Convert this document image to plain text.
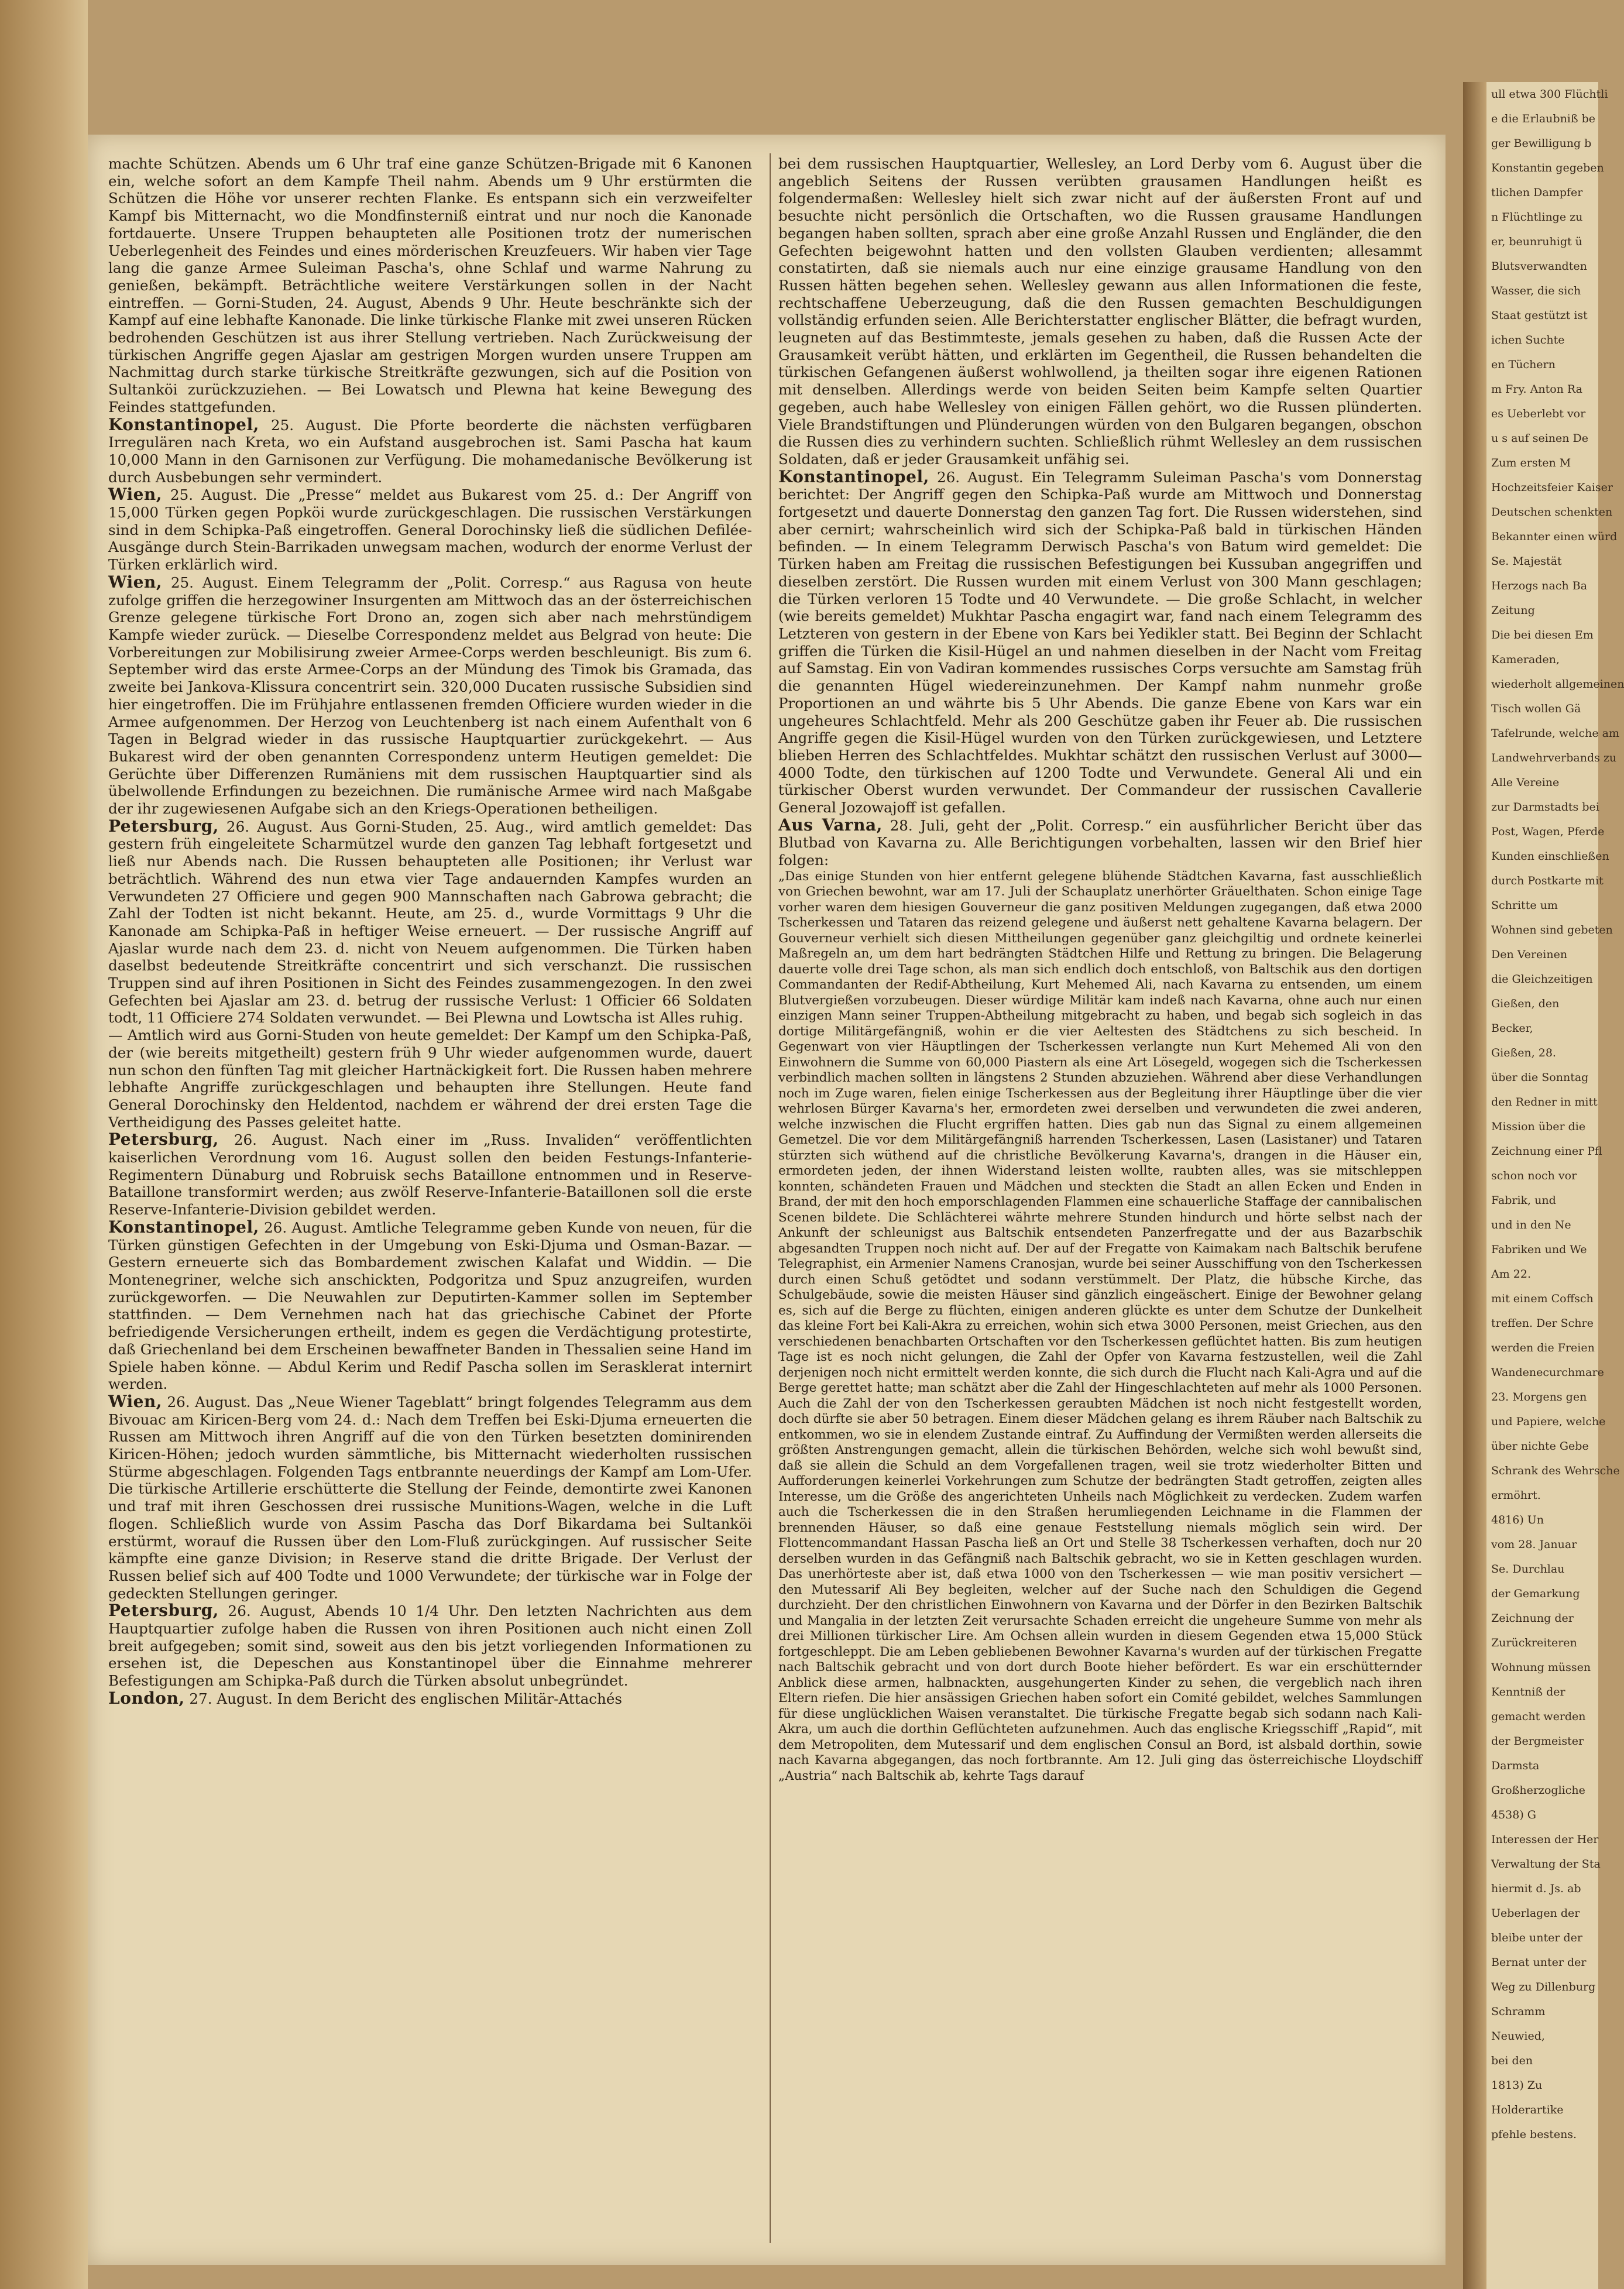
machte Schützen. Abends um 6 Uhr traf eine ganze Schützen-Brigade mit 6 Kanonen ein, welche sofort an dem Kampfe Theil nahm. Abends um 9 Uhr erstürmten die Schützen die Höhe vor unserer rechten Flanke. Es entspann sich ein verzweifelter Kampf bis Mitternacht, wo die Mondfinsterniß eintrat und nur noch die Kanonade fortdauerte. Unsere Truppen behaupteten alle Positionen trotz der numerischen Ueberlegenheit des Feindes und eines mörderischen Kreuzfeuers. Wir haben vier Tage lang die ganze Armee Suleiman Pascha's, ohne Schlaf und warme Nahrung zu genießen, bekämpft. Beträchtliche weitere Verstärkungen sollen in der Nacht eintreffen. — Gorni-Studen, 24. August, Abends 9 Uhr. Heute beschränkte sich der Kampf auf eine lebhafte Kanonade. Die linke türkische Flanke mit zwei unseren Rücken bedrohenden Geschützen ist aus ihrer Stellung vertrieben. Nach Zurückweisung der türkischen Angriffe gegen Ajaslar am gestrigen Morgen wurden unsere Truppen am Nachmittag durch starke türkische Streitkräfte gezwungen, sich auf die Position von Sultanköi zurückzuziehen. — Bei Lowatsch und Plewna hat keine Bewegung des Feindes stattgefunden.

Konstantinopel, 25. August. Die Pforte beorderte die nächsten verfügbaren Irregulären nach Kreta, wo ein Aufstand ausgebrochen ist. Sami Pascha hat kaum 10,000 Mann in den Garnisonen zur Verfügung. Die mohamedanische Bevölkerung ist durch Ausbebungen sehr vermindert.

Wien, 25. August. Die „Presse“ meldet aus Bukarest vom 25. d.: Der Angriff von 15,000 Türken gegen Popköi wurde zurückgeschlagen. Die russischen Verstärkungen sind in dem Schipka-Paß eingetroffen. General Dorochinsky ließ die südlichen Defilée-Ausgänge durch Stein-Barrikaden unwegsam machen, wodurch der enorme Verlust der Türken erklärlich wird.

Wien, 25. August. Einem Telegramm der „Polit. Corresp.“ aus Ragusa von heute zufolge griffen die herzegowiner Insurgenten am Mittwoch das an der österreichischen Grenze gelegene türkische Fort Drono an, zogen sich aber nach mehrstündigem Kampfe wieder zurück. — Dieselbe Correspondenz meldet aus Belgrad von heute: Die Vorbereitungen zur Mobilisirung zweier Armee-Corps werden beschleunigt. Bis zum 6. September wird das erste Armee-Corps an der Mündung des Timok bis Gramada, das zweite bei Jankova-Klissura concentrirt sein. 320,000 Ducaten russische Subsidien sind hier eingetroffen. Die im Frühjahre entlassenen fremden Officiere wurden wieder in die Armee aufgenommen. Der Herzog von Leuchtenberg ist nach einem Aufenthalt von 6 Tagen in Belgrad wieder in das russische Hauptquartier zurückgekehrt. — Aus Bukarest wird der oben genannten Correspondenz unterm Heutigen gemeldet: Die Gerüchte über Differenzen Rumäniens mit dem russischen Hauptquartier sind als übelwollende Erfindungen zu bezeichnen. Die rumänische Armee wird nach Maßgabe der ihr zugewiesenen Aufgabe sich an den Kriegs-Operationen betheiligen.

Petersburg, 26. August. Aus Gorni-Studen, 25. Aug., wird amtlich gemeldet: Das gestern früh eingeleitete Scharmützel wurde den ganzen Tag lebhaft fortgesetzt und ließ nur Abends nach. Die Russen behaupteten alle Positionen; ihr Verlust war beträchtlich. Während des nun etwa vier Tage andauernden Kampfes wurden an Verwundeten 27 Officiere und gegen 900 Mannschaften nach Gabrowa gebracht; die Zahl der Todten ist nicht bekannt. Heute, am 25. d., wurde Vormittags 9 Uhr die Kanonade am Schipka-Paß in heftiger Weise erneuert. — Der russische Angriff auf Ajaslar wurde nach dem 23. d. nicht von Neuem aufgenommen. Die Türken haben daselbst bedeutende Streitkräfte concentrirt und sich verschanzt. Die russischen Truppen sind auf ihren Positionen in Sicht des Feindes zusammengezogen. In den zwei Gefechten bei Ajaslar am 23. d. betrug der russische Verlust: 1 Officier 66 Soldaten todt, 11 Officiere 274 Soldaten verwundet. — Bei Plewna und Lowtscha ist Alles ruhig.

— Amtlich wird aus Gorni-Studen von heute gemeldet: Der Kampf um den Schipka-Paß, der (wie bereits mitgetheilt) gestern früh 9 Uhr wieder aufgenommen wurde, dauert nun schon den fünften Tag mit gleicher Hartnäckigkeit fort. Die Russen haben mehrere lebhafte Angriffe zurückgeschlagen und behaupten ihre Stellungen. Heute fand General Dorochinsky den Heldentod, nachdem er während der drei ersten Tage die Vertheidigung des Passes geleitet hatte.

Petersburg, 26. August. Nach einer im „Russ. Invaliden“ veröffentlichten kaiserlichen Verordnung vom 16. August sollen den beiden Festungs-Infanterie-Regimentern Dünaburg und Robruisk sechs Bataillone entnommen und in Reserve-Bataillone transformirt werden; aus zwölf Reserve-Infanterie-Bataillonen soll die erste Reserve-Infanterie-Division gebildet werden.

Konstantinopel, 26. August. Amtliche Telegramme geben Kunde von neuen, für die Türken günstigen Gefechten in der Umgebung von Eski-Djuma und Osman-Bazar. — Gestern erneuerte sich das Bombardement zwischen Kalafat und Widdin. — Die Montenegriner, welche sich anschickten, Podgoritza und Spuz anzugreifen, wurden zurückgeworfen. — Die Neuwahlen zur Deputirten-Kammer sollen im September stattfinden. — Dem Vernehmen nach hat das griechische Cabinet der Pforte befriedigende Versicherungen ertheilt, indem es gegen die Verdächtigung protestirte, daß Griechenland bei dem Erscheinen bewaffneter Banden in Thessalien seine Hand im Spiele haben könne. — Abdul Kerim und Redif Pascha sollen im Serasklerat internirt werden.

Wien, 26. August. Das „Neue Wiener Tageblatt“ bringt folgendes Telegramm aus dem Bivouac am Kiricen-Berg vom 24. d.: Nach dem Treffen bei Eski-Djuma erneuerten die Russen am Mittwoch ihren Angriff auf die von den Türken besetzten dominirenden Kiricen-Höhen; jedoch wurden sämmtliche, bis Mitternacht wiederholten russischen Stürme abgeschlagen. Folgenden Tags entbrannte neuerdings der Kampf am Lom-Ufer. Die türkische Artillerie erschütterte die Stellung der Feinde, demontirte zwei Kanonen und traf mit ihren Geschossen drei russische Munitions-Wagen, welche in die Luft flogen. Schließlich wurde von Assim Pascha das Dorf Bikardama bei Sultanköi erstürmt, worauf die Russen über den Lom-Fluß zurückgingen. Auf russischer Seite kämpfte eine ganze Division; in Reserve stand die dritte Brigade. Der Verlust der Russen belief sich auf 400 Todte und 1000 Verwundete; der türkische war in Folge der gedeckten Stellungen geringer.

Petersburg, 26. August, Abends 10 1/4 Uhr. Den letzten Nachrichten aus dem Hauptquartier zufolge haben die Russen von ihren Positionen auch nicht einen Zoll breit aufgegeben; somit sind, soweit aus den bis jetzt vorliegenden Informationen zu ersehen ist, die Depeschen aus Konstantinopel über die Einnahme mehrerer Befestigungen am Schipka-Paß durch die Türken absolut unbegründet.

London, 27. August. In dem Bericht des englischen Militär-Attachés

bei dem russischen Hauptquartier, Wellesley, an Lord Derby vom 6. August über die angeblich Seitens der Russen verübten grausamen Handlungen heißt es folgendermaßen: Wellesley hielt sich zwar nicht auf der äußersten Front auf und besuchte nicht persönlich die Ortschaften, wo die Russen grausame Handlungen begangen haben sollten, sprach aber eine große Anzahl Russen und Engländer, die den Gefechten beigewohnt hatten und den vollsten Glauben verdienten; allesammt constatirten, daß sie niemals auch nur eine einzige grausame Handlung von den Russen hätten begehen sehen. Wellesley gewann aus allen Informationen die feste, rechtschaffene Ueberzeugung, daß die den Russen gemachten Beschuldigungen vollständig erfunden seien. Alle Berichterstatter englischer Blätter, die befragt wurden, leugneten auf das Bestimmteste, jemals gesehen zu haben, daß die Russen Acte der Grausamkeit verübt hätten, und erklärten im Gegentheil, die Russen behandelten die türkischen Gefangenen äußerst wohlwollend, ja theilten sogar ihre eigenen Rationen mit denselben. Allerdings werde von beiden Seiten beim Kampfe selten Quartier gegeben, auch habe Wellesley von einigen Fällen gehört, wo die Russen plünderten. Viele Brandstiftungen und Plünderungen würden von den Bulgaren begangen, obschon die Russen dies zu verhindern suchten. Schließlich rühmt Wellesley an dem russischen Soldaten, daß er jeder Grausamkeit unfähig sei.

Konstantinopel, 26. August. Ein Telegramm Suleiman Pascha's vom Donnerstag berichtet: Der Angriff gegen den Schipka-Paß wurde am Mittwoch und Donnerstag fortgesetzt und dauerte Donnerstag den ganzen Tag fort. Die Russen widerstehen, sind aber cernirt; wahrscheinlich wird sich der Schipka-Paß bald in türkischen Händen befinden. — In einem Telegramm Derwisch Pascha's von Batum wird gemeldet: Die Türken haben am Freitag die russischen Befestigungen bei Kussuban angegriffen und dieselben zerstört. Die Russen wurden mit einem Verlust von 300 Mann geschlagen; die Türken verloren 15 Todte und 40 Verwundete. — Die große Schlacht, in welcher (wie bereits gemeldet) Mukhtar Pascha engagirt war, fand nach einem Telegramm des Letzteren von gestern in der Ebene von Kars bei Yedikler statt. Bei Beginn der Schlacht griffen die Türken die Kisil-Hügel an und nahmen dieselben in der Nacht vom Freitag auf Samstag. Ein von Vadiran kommendes russisches Corps versuchte am Samstag früh die genannten Hügel wiedereinzunehmen. Der Kampf nahm nunmehr große Proportionen an und währte bis 5 Uhr Abends. Die ganze Ebene von Kars war ein ungeheures Schlachtfeld. Mehr als 200 Geschütze gaben ihr Feuer ab. Die russischen Angriffe gegen die Kisil-Hügel wurden von den Türken zurückgewiesen, und Letztere blieben Herren des Schlachtfeldes. Mukhtar schätzt den russischen Verlust auf 3000—4000 Todte, den türkischen auf 1200 Todte und Verwundete. General Ali und ein türkischer Oberst wurden verwundet. Der Commandeur der russischen Cavallerie General Jozowajoff ist gefallen.

Aus Varna, 28. Juli, geht der „Polit. Corresp.“ ein ausführlicher Bericht über das Blutbad von Kavarna zu. Alle Berichtigungen vorbehalten, lassen wir den Brief hier folgen:

„Das einige Stunden von hier entfernt gelegene blühende Städtchen Kavarna, fast ausschließlich von Griechen bewohnt, war am 17. Juli der Schauplatz unerhörter Gräuelthaten. Schon einige Tage vorher waren dem hiesigen Gouverneur die ganz positiven Meldungen zugegangen, daß etwa 2000 Tscherkessen und Tataren das reizend gelegene und äußerst nett gehaltene Kavarna belagern. Der Gouverneur verhielt sich diesen Mittheilungen gegenüber ganz gleichgiltig und ordnete keinerlei Maßregeln an, um dem hart bedrängten Städtchen Hilfe und Rettung zu bringen. Die Belagerung dauerte volle drei Tage schon, als man sich endlich doch entschloß, von Baltschik aus den dortigen Commandanten der Redif-Abtheilung, Kurt Mehemed Ali, nach Kavarna zu entsenden, um einem Blutvergießen vorzubeugen. Dieser würdige Militär kam indeß nach Kavarna, ohne auch nur einen einzigen Mann seiner Truppen-Abtheilung mitgebracht zu haben, und begab sich sogleich in das dortige Militärgefängniß, wohin er die vier Aeltesten des Städtchens zu sich bescheid. In Gegenwart von vier Häuptlingen der Tscherkessen verlangte nun Kurt Mehemed Ali von den Einwohnern die Summe von 60,000 Piastern als eine Art Lösegeld, wogegen sich die Tscherkessen verbindlich machen sollten in längstens 2 Stunden abzuziehen. Während aber diese Verhandlungen noch im Zuge waren, fielen einige Tscherkessen aus der Begleitung ihrer Häuptlinge über die vier wehrlosen Bürger Kavarna's her, ermordeten zwei derselben und verwundeten die zwei anderen, welche inzwischen die Flucht ergriffen hatten. Dies gab nun das Signal zu einem allgemeinen Gemetzel. Die vor dem Militärgefängniß harrenden Tscherkessen, Lasen (Lasistaner) und Tataren stürzten sich wüthend auf die christliche Bevölkerung Kavarna's, drangen in die Häuser ein, ermordeten jeden, der ihnen Widerstand leisten wollte, raubten alles, was sie mitschleppen konnten, schändeten Frauen und Mädchen und steckten die Stadt an allen Ecken und Enden in Brand, der mit den hoch emporschlagenden Flammen eine schauerliche Staffage der cannibalischen Scenen bildete. Die Schlächterei währte mehrere Stunden hindurch und hörte selbst nach der Ankunft der schleunigst aus Baltschik entsendeten Panzerfregatte und der aus Bazarbschik abgesandten Truppen noch nicht auf. Der auf der Fregatte von Kaimakam nach Baltschik berufene Telegraphist, ein Armenier Namens Cranosjan, wurde bei seiner Ausschiffung von den Tscherkessen durch einen Schuß getödtet und sodann verstümmelt. Der Platz, die hübsche Kirche, das Schulgebäude, sowie die meisten Häuser sind gänzlich eingeäschert. Einige der Bewohner gelang es, sich auf die Berge zu flüchten, einigen anderen glückte es unter dem Schutze der Dunkelheit das kleine Fort bei Kali-Akra zu erreichen, wohin sich etwa 3000 Personen, meist Griechen, aus den verschiedenen benachbarten Ortschaften vor den Tscherkessen geflüchtet hatten. Bis zum heutigen Tage ist es noch nicht gelungen, die Zahl der Opfer von Kavarna festzustellen, weil die Zahl derjenigen noch nicht ermittelt werden konnte, die sich durch die Flucht nach Kali-Agra und auf die Berge gerettet hatte; man schätzt aber die Zahl der Hingeschlachteten auf mehr als 1000 Personen. Auch die Zahl der von den Tscherkessen geraubten Mädchen ist noch nicht festgestellt worden, doch dürfte sie aber 50 betragen. Einem dieser Mädchen gelang es ihrem Räuber nach Baltschik zu entkommen, wo sie in elendem Zustande eintraf. Zu Auffindung der Vermißten werden allerseits die größten Anstrengungen gemacht, allein die türkischen Behörden, welche sich wohl bewußt sind, daß sie allein die Schuld an dem Vorgefallenen tragen, weil sie trotz wiederholter Bitten und Aufforderungen keinerlei Vorkehrungen zum Schutze der bedrängten Stadt getroffen, zeigten alles Interesse, um die Größe des angerichteten Unheils nach Möglichkeit zu verdecken. Zudem warfen auch die Tscherkessen die in den Straßen herumliegenden Leichname in die Flammen der brennenden Häuser, so daß eine genaue Feststellung niemals möglich sein wird. Der Flottencommandant Hassan Pascha ließ an Ort und Stelle 38 Tscherkessen verhaften, doch nur 20 derselben wurden in das Gefängniß nach Baltschik gebracht, wo sie in Ketten geschlagen wurden. Das unerhörteste aber ist, daß etwa 1000 von den Tscherkessen — wie man positiv versichert — den Mutessarif Ali Bey begleiten, welcher auf der Suche nach den Schuldigen die Gegend durchzieht. Der den christlichen Einwohnern von Kavarna und der Dörfer in den Bezirken Baltschik und Mangalia in der letzten Zeit verursachte Schaden erreicht die ungeheure Summe von mehr als drei Millionen türkischer Lire. Am Ochsen allein wurden in diesem Gegenden etwa 15,000 Stück fortgeschleppt. Die am Leben gebliebenen Bewohner Kavarna's wurden auf der türkischen Fregatte nach Baltschik gebracht und von dort durch Boote hieher befördert. Es war ein erschütternder Anblick diese armen, halbnackten, ausgehungerten Kinder zu sehen, die vergeblich nach ihren Eltern riefen. Die hier ansässigen Griechen haben sofort ein Comité gebildet, welches Sammlungen für diese unglücklichen Waisen veranstaltet. Die türkische Fregatte begab sich sodann nach Kali-Akra, um auch die dorthin Geflüchteten aufzunehmen. Auch das englische Kriegsschiff „Rapid“, mit dem Metropoliten, dem Mutessarif und dem englischen Consul an Bord, ist alsbald dorthin, sowie nach Kavarna abgegangen, das noch fortbrannte. Am 12. Juli ging das österreichische Lloydschiff „Austria“ nach Baltschik ab, kehrte Tags darauf

ull etwa 300 Flüchtli
e die Erlaubniß be
ger Bewilligung b
Konstantin gegeben
tlichen Dampfer
n Flüchtlinge zu
er, beunruhigt ü
Blutsverwandten
Wasser, die sich
Staat gestützt ist
ichen Suchte
en Tüchern
m Fry. Anton Ra
es Ueberlebt vor
u s auf seinen De
Zum ersten M
Hochzeitsfeier Kaiser
Deutschen schenkten
Bekannter einen würd
Se. Majestät
Herzogs nach Ba
Zeitung
Die bei diesen Em
Kameraden,
wiederholt allgemeinen
Tisch wollen Gä
Tafelrunde, welche am
Landwehrverbands zu
Alle Vereine
zur Darmstadts bei
Post, Wagen, Pferde
Kunden einschließen
durch Postkarte mit
Schritte um
Wohnen sind gebeten
Den Vereinen
die Gleichzeitigen
Gießen, den
Becker,
Gießen, 28.
über die Sonntag
den Redner in mitt
Mission über die
Zeichnung einer Pfl
schon noch vor
Fabrik, und
und in den Ne
Fabriken und We
Am 22.
mit einem Coffsch
treffen. Der Schre
werden die Freien
Wandenecurchmare
23. Morgens gen
und Papiere, welche
über nichte Gebe
Schrank des Wehrsche
ermöhrt.
4816) Un
vom 28. Januar
Se. Durchlau
der Gemarkung
Zeichnung der
Zurückreiteren
Wohnung müssen
Kenntniß der
gemacht werden
der Bergmeister
Darmsta
Großherzogliche
4538) G
Interessen der Her
Verwaltung der Sta
hiermit d. Js. ab
Ueberlagen der
bleibe unter der
Bernat unter der
Weg zu Dillenburg
Schramm
Neuwied,
bei den
1813) Zu
Holderartike
pfehle bestens.
